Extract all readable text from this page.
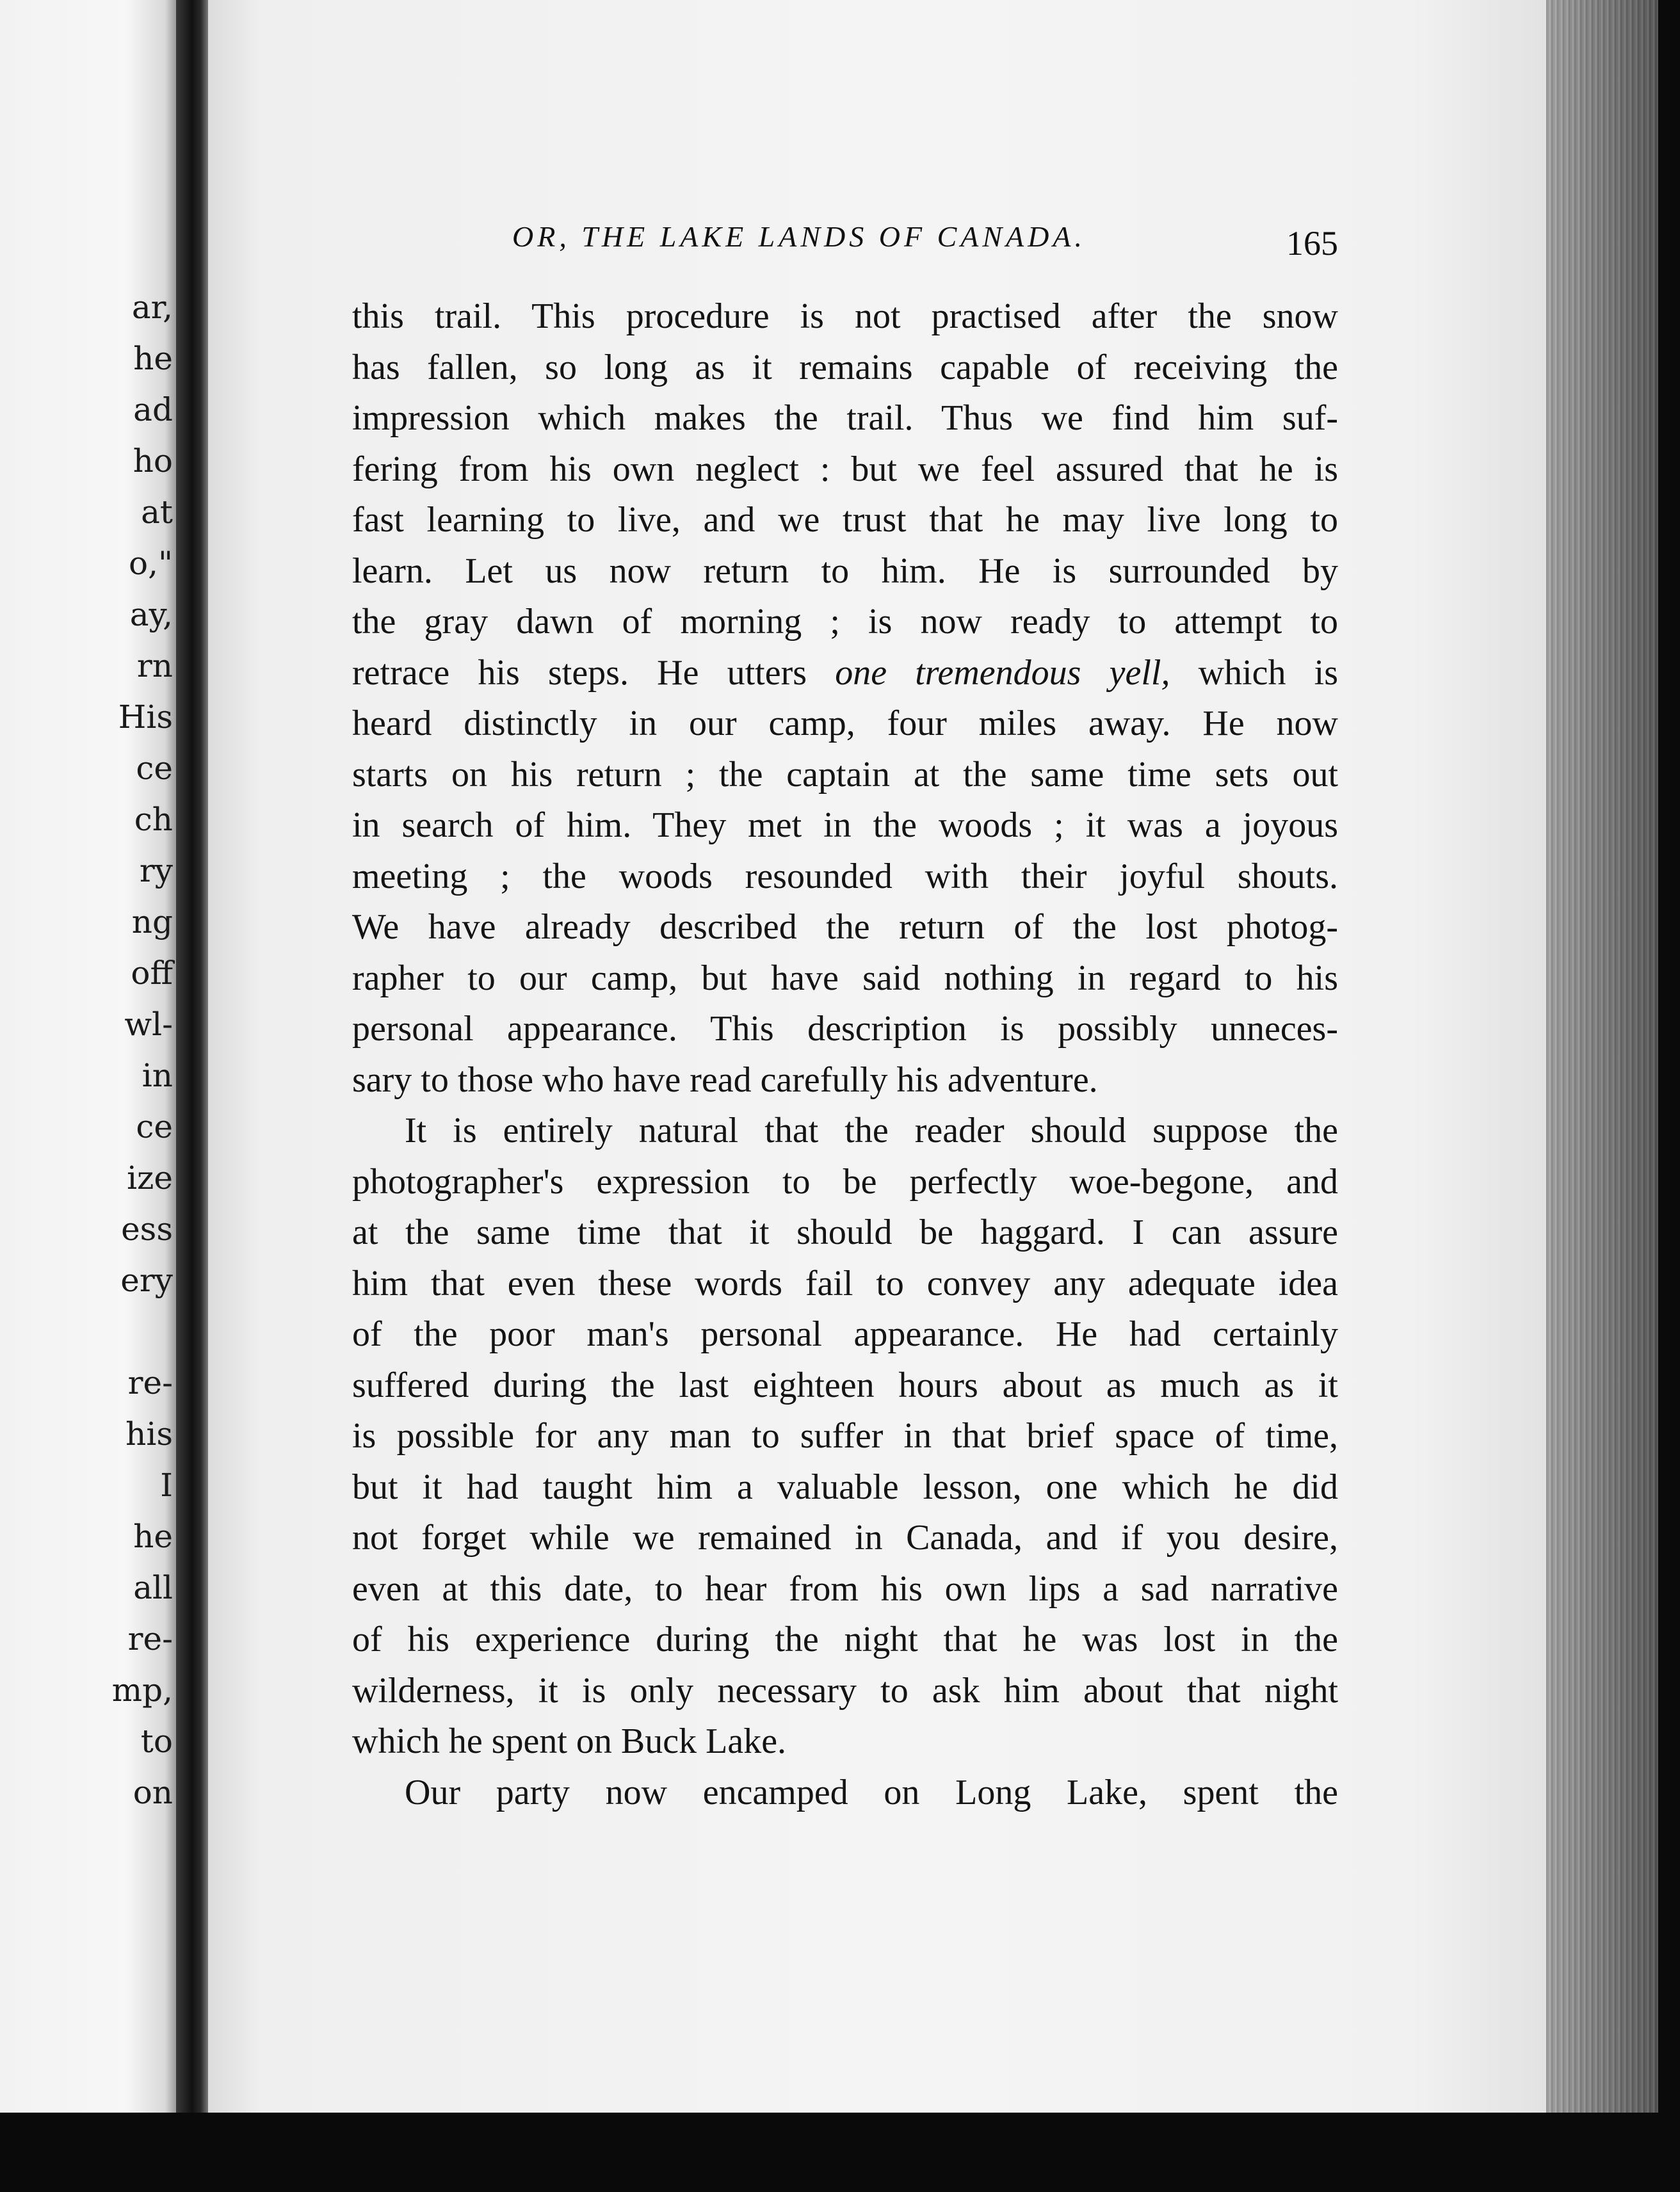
ar,
he
ad
ho
at
o,"
ay,
rn
His
ce
ch
ry
ng
off
wl-
in
ce
ize
ess
ery
re-
his
I
he
all
re-
mp,
to
on
OR, THE LAKE LANDS OF CANADA.	165
this trail. This procedure is not practised after the snow
has fallen, so long as it remains capable of receiving the
impression which makes the trail. Thus we find him suf-
fering from his own neglect : but we feel assured that he is
fast learning to live, and we trust that he may live long to
learn. Let us now return to him. He is surrounded by
the gray dawn of morning ; is now ready to attempt to
retrace his steps. He utters one tremendous yell, which is
heard distinctly in our camp, four miles away. He now
starts on his return ; the captain at the same time sets out
in search of him. They met in the woods ; it was a joyous
meeting ; the woods resounded with their joyful shouts.
We have already described the return of the lost photog-
rapher to our camp, but have said nothing in regard to his
personal appearance. This description is possibly unneces-
sary to those who have read carefully his adventure.
It is entirely natural that the reader should suppose the
photographer's expression to be perfectly woe-begone, and
at the same time that it should be haggard. I can assure
him that even these words fail to convey any adequate idea
of the poor man's personal appearance. He had certainly
suffered during the last eighteen hours about as much as it
is possible for any man to suffer in that brief space of time,
but it had taught him a valuable lesson, one which he did
not forget while we remained in Canada, and if you desire,
even at this date, to hear from his own lips a sad narrative
of his experience during the night that he was lost in the
wilderness, it is only necessary to ask him about that night
which he spent on Buck Lake.
Our party now encamped on Long Lake, spent the
